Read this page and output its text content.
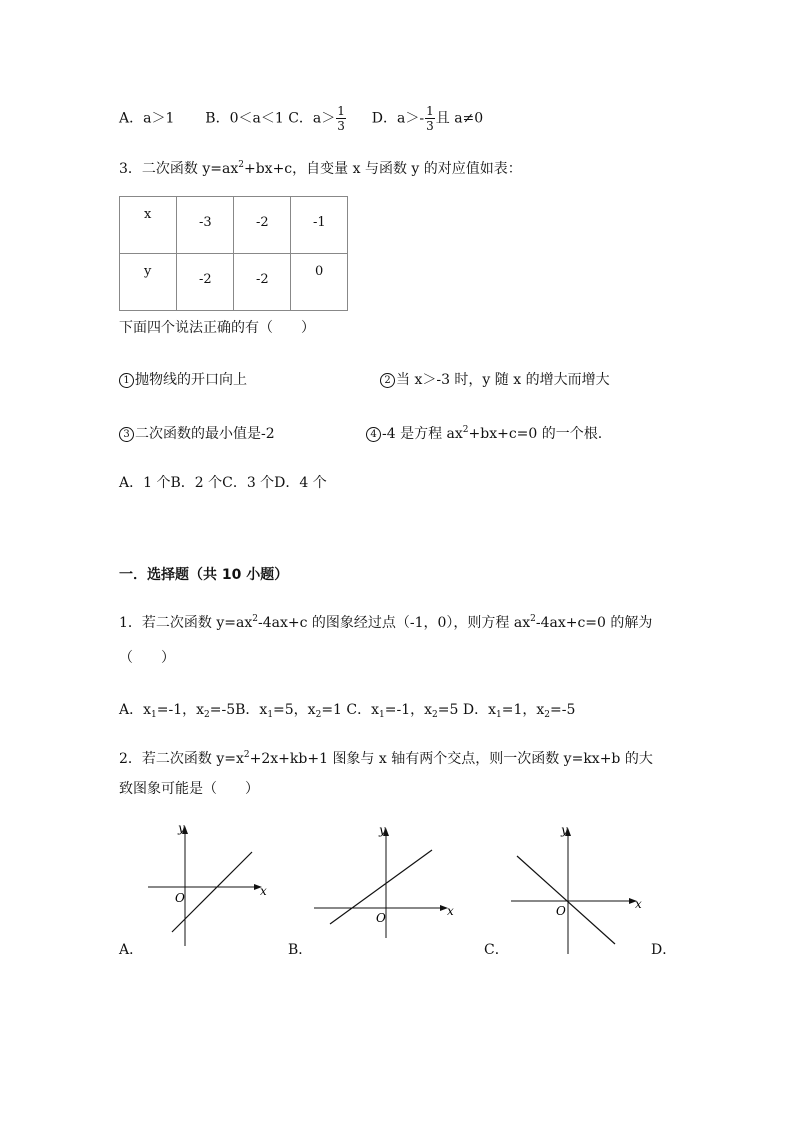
A．a＞1 B．0＜a＜1 C．$a> \frac{1}{3}$ D．$a>- \frac{1}{3}$ 且 a≠0
3．二次函数 $y=ax^2+bx+c$，自变量 x 与函数 y 的对应值如表：
x	-3	-2	-1

y	-2	-2	0
下面四个说法正确的有（　　）
1 抛物线的开口向上	2 当 x＞-3 时，y 随 x 的增大而增大
3 二次函数的最小值是-2	4 -4 是方程 $ax^2+bx+c=0$ 的一个根.
A．1 个B．2 个C．3 个D．4 个
一．选择题（共 10 小题）
1．若二次函数 $y=ax^2-4ax+c$ 的图象经过点（-1，0），则方程 $ax^2-4ax+c=0$ 的解为
（　　）
A．$x_1=-1$，$x_2=-5B$．$x_1=5$，$x_2=1$ C．$x_1=-1$，$x_2=5$ D．$x_1=1$，$x_2=-5$
2．若二次函数 $y=x^2+2x+kb+1$ 图象与 x 轴有两个交点，则一次函数 y=kx+b 的大
致图象可能是（　　）
x
y
O
x
y
O
x
y
O
A．	B．	C．	D．
